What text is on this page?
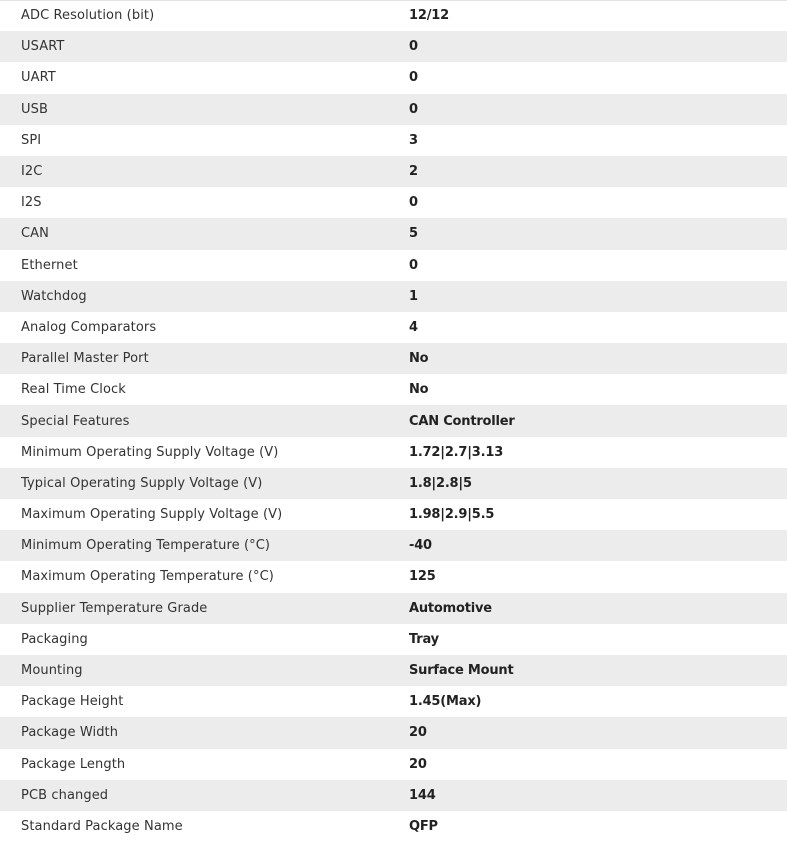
ADC Resolution (bit)	12/12
USART	0
UART	0
USB	0
SPI	3
I2C	2
I2S	0
CAN	5
Ethernet	0
Watchdog	1
Analog Comparators	4
Parallel Master Port	No
Real Time Clock	No
Special Features	CAN Controller
Minimum Operating Supply Voltage (V)	1.72|2.7|3.13
Typical Operating Supply Voltage (V)	1.8|2.8|5
Maximum Operating Supply Voltage (V)	1.98|2.9|5.5
Minimum Operating Temperature (°C)	-40
Maximum Operating Temperature (°C)	125
Supplier Temperature Grade	Automotive
Packaging	Tray
Mounting	Surface Mount
Package Height	1.45(Max)
Package Width	20
Package Length	20
PCB changed	144
Standard Package Name	QFP
